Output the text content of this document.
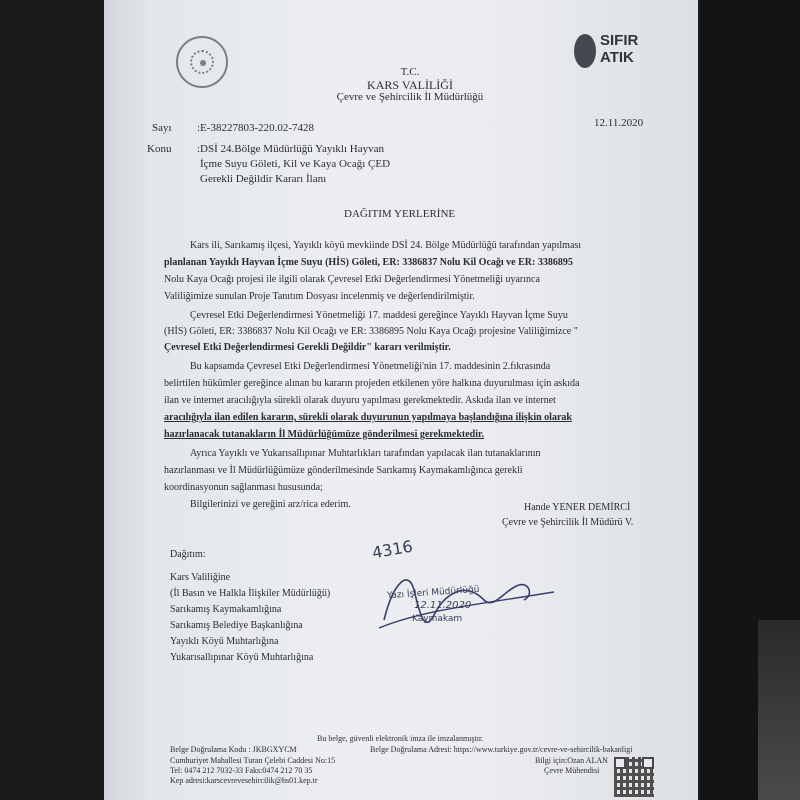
SIFIR
ATIK
T.C.
KARS VALİLİĞİ
Çevre ve Şehircilik İl Müdürlüğü
Sayı :E-38227803-220.02-7428	12.11.2020
Konu :DSİ 24.Bölge Müdürlüğü Yayıklı Hayvan
İçme Suyu Göleti, Kil ve Kaya Ocağı ÇED
Gerekli Değildir Kararı İlanı
DAĞITIM YERLERİNE
Kars ili, Sarıkamış ilçesi, Yayıklı köyü mevkiinde DSİ 24. Bölge Müdürlüğü tarafından yapılması
planlanan Yayıklı Hayvan İçme Suyu (HİS) Göleti, ER: 3386837 Nolu Kil Ocağı ve ER: 3386895
Nolu Kaya Ocağı projesi ile ilgili olarak Çevresel Etki Değerlendirmesi Yönetmeliği uyarınca
Valiliğimize sunulan Proje Tanıtım Dosyası incelenmiş ve değerlendirilmiştir.
Çevresel Etki Değerlendirmesi Yönetmeliği 17. maddesi gereğince Yayıklı Hayvan İçme Suyu
(HİS) Göleti, ER: 3386837 Nolu Kil Ocağı ve ER: 3386895 Nolu Kaya Ocağı projesine Valiliğimizce "
Çevresel Etki Değerlendirmesi Gerekli Değildir" kararı verilmiştir.
Bu kapsamda Çevresel Etki Değerlendirmesi Yönetmeliği'nin 17. maddesinin 2.fıkrasında
belirtilen hükümler gereğince alınan bu kararın projeden etkilenen yöre halkına duyurulması için askıda
ilan ve internet aracılığıyla sürekli olarak duyuru yapılması gerekmektedir. Askıda ilan ve internet
aracılığıyla ilan edilen kararın, sürekli olarak duyurunun yapılmaya başlandığına ilişkin olarak
hazırlanacak tutanakların İl Müdürlüğümüze gönderilmesi gerekmektedir.
Ayrıca Yayıklı ve Yukarısallıpınar Muhtarlıkları tarafından yapılacak ilan tutanaklarının
hazırlanması ve İl Müdürlüğümüze gönderilmesinde Sarıkamış Kaymakamlığınca gerekli
koordinasyonun sağlanması hususunda;
Bilgilerinizi ve gereğini arz/rica ederim.	Hande YENER DEMİRCİ
Çevre ve Şehircilik İl Müdürü V.
Dağıtım:
Kars Valiliğine
(İl Basın ve Halkla İlişkiler Müdürlüğü)
Sarıkamış Kaymakamlığına
Sarıkamış Belediye Başkanlığına
Yayıklı Köyü Muhtarlığına
Yukarısallıpınar Köyü Muhtarlığına
4316
Yazı İşleri Müdürlüğü
12.11.2020
Kaymakam
Bu belge, güvenli elektronik imza ile imzalanmıştır.
Belge Doğrulama Kodu : JKBGXYCM	Belge Doğrulama Adresi: https://www.turkiye.gov.tr/cevre-ve-sehircilik-bakanligi
Cumhuriyet Mahallesi Turan Çelebi Caddesi No:15
Tel: 0474 212 7032-33 Faks:0474 212 70 35
Kep adresi:karscevrevesehircilik@hs01.kep.tr
Bilgi için:Ozan ALAN
Çevre Mühendisi
